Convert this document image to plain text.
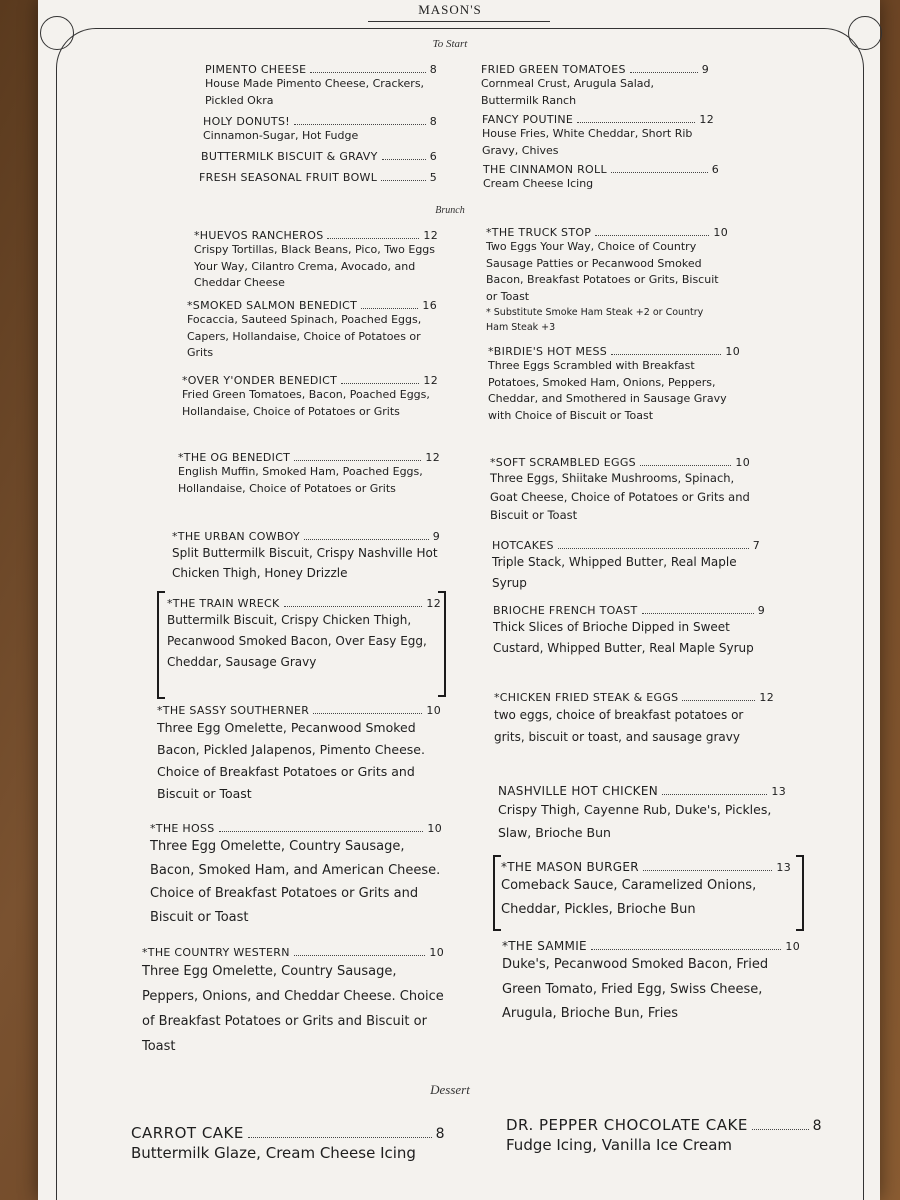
MASON'S
To Start
PIMENTO CHEESE	8
House Made Pimento Cheese, Crackers, Pickled Okra
HOLY DONUTS!	8
Cinnamon-Sugar, Hot Fudge
BUTTERMILK BISCUIT & GRAVY	6
FRESH SEASONAL FRUIT BOWL	5
FRIED GREEN TOMATOES	9
Cornmeal Crust, Arugula Salad, Buttermilk Ranch
FANCY POUTINE	12
House Fries, White Cheddar, Short Rib Gravy, Chives
THE CINNAMON ROLL	6
Cream Cheese Icing
Brunch
*HUEVOS RANCHEROS	12
Crispy Tortillas, Black Beans, Pico, Two Eggs Your Way, Cilantro Crema, Avocado, and Cheddar Cheese
*SMOKED SALMON BENEDICT	16
Focaccia, Sauteed Spinach, Poached Eggs, Capers, Hollandaise, Choice of Potatoes or Grits
*OVER Y'ONDER BENEDICT	12
Fried Green Tomatoes, Bacon, Poached Eggs, Hollandaise, Choice of Potatoes or Grits
*THE OG BENEDICT	12
English Muffin, Smoked Ham, Poached Eggs, Hollandaise, Choice of Potatoes or Grits
*THE URBAN COWBOY	9
Split Buttermilk Biscuit, Crispy Nashville Hot Chicken Thigh, Honey Drizzle
*THE TRAIN WRECK	12
Buttermilk Biscuit, Crispy Chicken Thigh, Pecanwood Smoked Bacon, Over Easy Egg, Cheddar, Sausage Gravy
*THE SASSY SOUTHERNER	10
Three Egg Omelette, Pecanwood Smoked Bacon, Pickled Jalapenos, Pimento Cheese. Choice of Breakfast Potatoes or Grits and Biscuit or Toast
*THE HOSS	10
Three Egg Omelette, Country Sausage, Bacon, Smoked Ham, and American Cheese. Choice of Breakfast Potatoes or Grits and Biscuit or Toast
*THE COUNTRY WESTERN	10
Three Egg Omelette, Country Sausage, Peppers, Onions, and Cheddar Cheese. Choice of Breakfast Potatoes or Grits and Biscuit or Toast
*THE TRUCK STOP	10
Two Eggs Your Way, Choice of Country Sausage Patties or Pecanwood Smoked Bacon, Breakfast Potatoes or Grits, Biscuit or Toast
* Substitute Smoke Ham Steak +2 or Country Ham Steak +3
*BIRDIE'S HOT MESS	10
Three Eggs Scrambled with Breakfast Potatoes, Smoked Ham, Onions, Peppers, Cheddar, and Smothered in Sausage Gravy with Choice of Biscuit or Toast
*SOFT SCRAMBLED EGGS	10
Three Eggs, Shiitake Mushrooms, Spinach, Goat Cheese, Choice of Potatoes or Grits and Biscuit or Toast
HOTCAKES	7
Triple Stack, Whipped Butter, Real Maple Syrup
BRIOCHE FRENCH TOAST	9
Thick Slices of Brioche Dipped in Sweet Custard, Whipped Butter, Real Maple Syrup
*CHICKEN FRIED STEAK & EGGS	12
two eggs, choice of breakfast potatoes or grits, biscuit or toast, and sausage gravy
NASHVILLE HOT CHICKEN	13
Crispy Thigh, Cayenne Rub, Duke's, Pickles, Slaw, Brioche Bun
*THE MASON BURGER	13
Comeback Sauce, Caramelized Onions, Cheddar, Pickles, Brioche Bun
*THE SAMMIE	10
Duke's, Pecanwood Smoked Bacon, Fried Green Tomato, Fried Egg, Swiss Cheese, Arugula, Brioche Bun, Fries
Dessert
CARROT CAKE	8
Buttermilk Glaze, Cream Cheese Icing
DR. PEPPER CHOCOLATE CAKE	8
Fudge Icing, Vanilla Ice Cream
